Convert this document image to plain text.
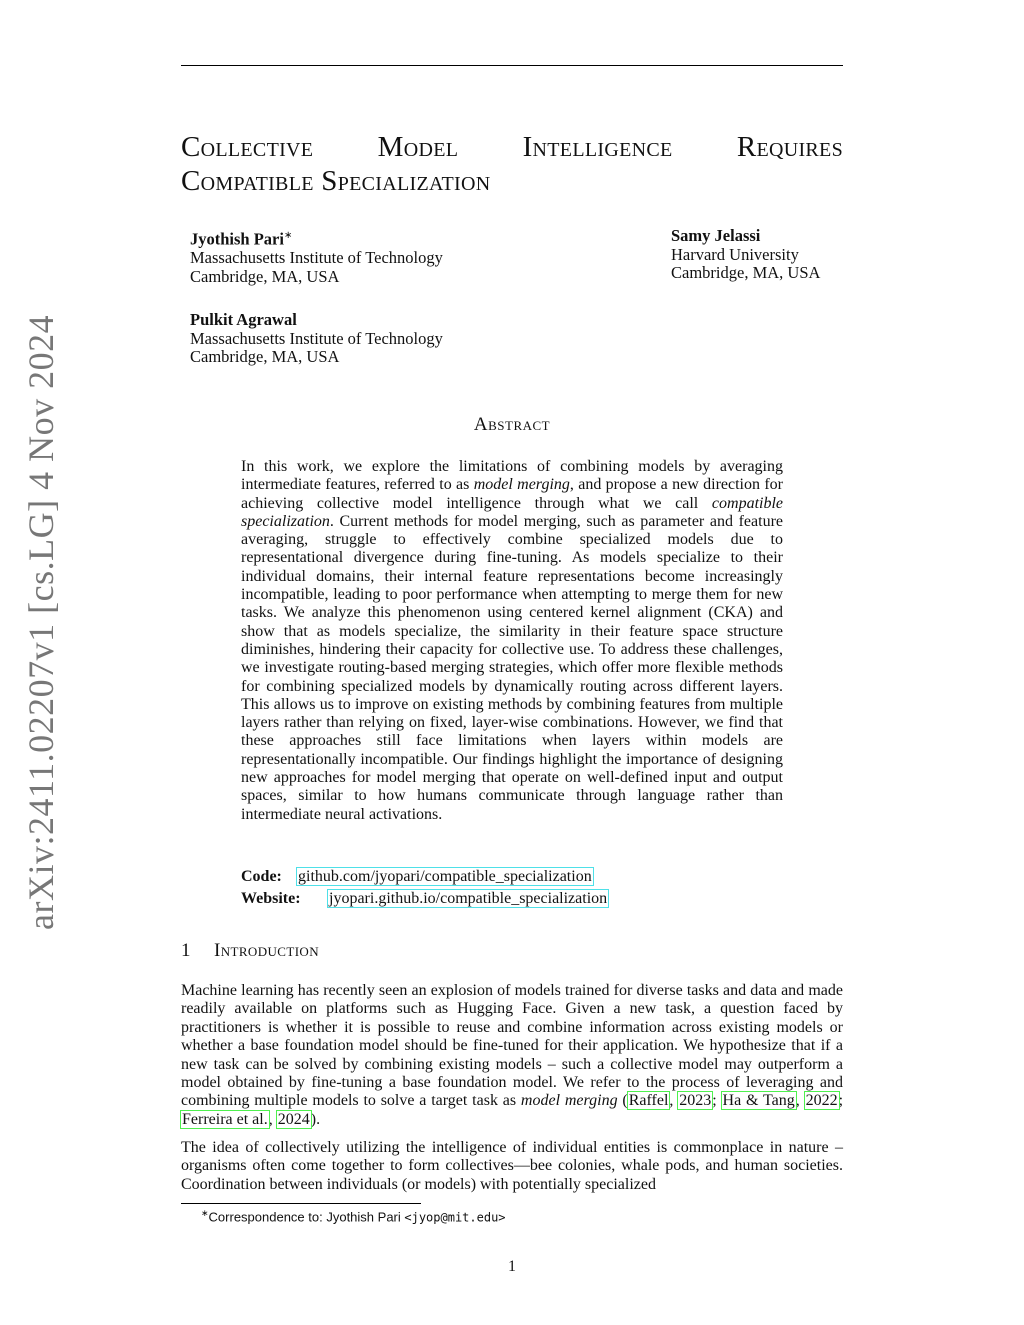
arXiv:2411.02207v1 [cs.LG] 4 Nov 2024
Collective Model Intelligence Requires
Compatible Specialization
Jyothish Pari∗
Massachusetts Institute of Technology
Cambridge, MA, USA
Samy Jelassi
Harvard University
Cambridge, MA, USA
Pulkit Agrawal
Massachusetts Institute of Technology
Cambridge, MA, USA
Abstract
In this work, we explore the limitations of combining models by averaging intermediate features, referred to as model merging, and propose a new direction for achieving collective model intelligence through what we call compatible specialization. Current methods for model merging, such as parameter and feature averaging, struggle to effectively combine specialized models due to representational divergence during fine-tuning. As models specialize to their individual domains, their internal feature representations become increasingly incompatible, leading to poor performance when attempting to merge them for new tasks. We analyze this phenomenon using centered kernel alignment (CKA) and show that as models specialize, the similarity in their feature space structure diminishes, hindering their capacity for collective use. To address these challenges, we investigate routing-based merging strategies, which offer more flexible methods for combining specialized models by dynamically routing across different layers. This allows us to improve on existing methods by combining features from multiple layers rather than relying on fixed, layer-wise combinations. However, we find that these approaches still face limitations when layers within models are representationally incompatible. Our findings highlight the importance of designing new approaches for model merging that operate on well-defined input and output spaces, similar to how humans communicate through language rather than intermediate neural activations.
Code: github.com/jyopari/compatible_specialization
Website: jyopari.github.io/compatible_specialization
1 Introduction
Machine learning has recently seen an explosion of models trained for diverse tasks and data and made readily available on platforms such as Hugging Face. Given a new task, a question faced by practitioners is whether it is possible to reuse and combine information across existing models or whether a base foundation model should be fine-tuned for their application. We hypothesize that if a new task can be solved by combining existing models – such a collective model may outperform a model obtained by fine-tuning a base foundation model. We refer to the process of leveraging and combining multiple models to solve a target task as model merging (Raffel, 2023; Ha & Tang, 2022; Ferreira et al., 2024).
The idea of collectively utilizing the intelligence of individual entities is commonplace in nature – organisms often come together to form collectives—bee colonies, whale pods, and human societies. Coordination between individuals (or models) with potentially specialized
∗Correspondence to: Jyothish Pari <jyop@mit.edu>
1
